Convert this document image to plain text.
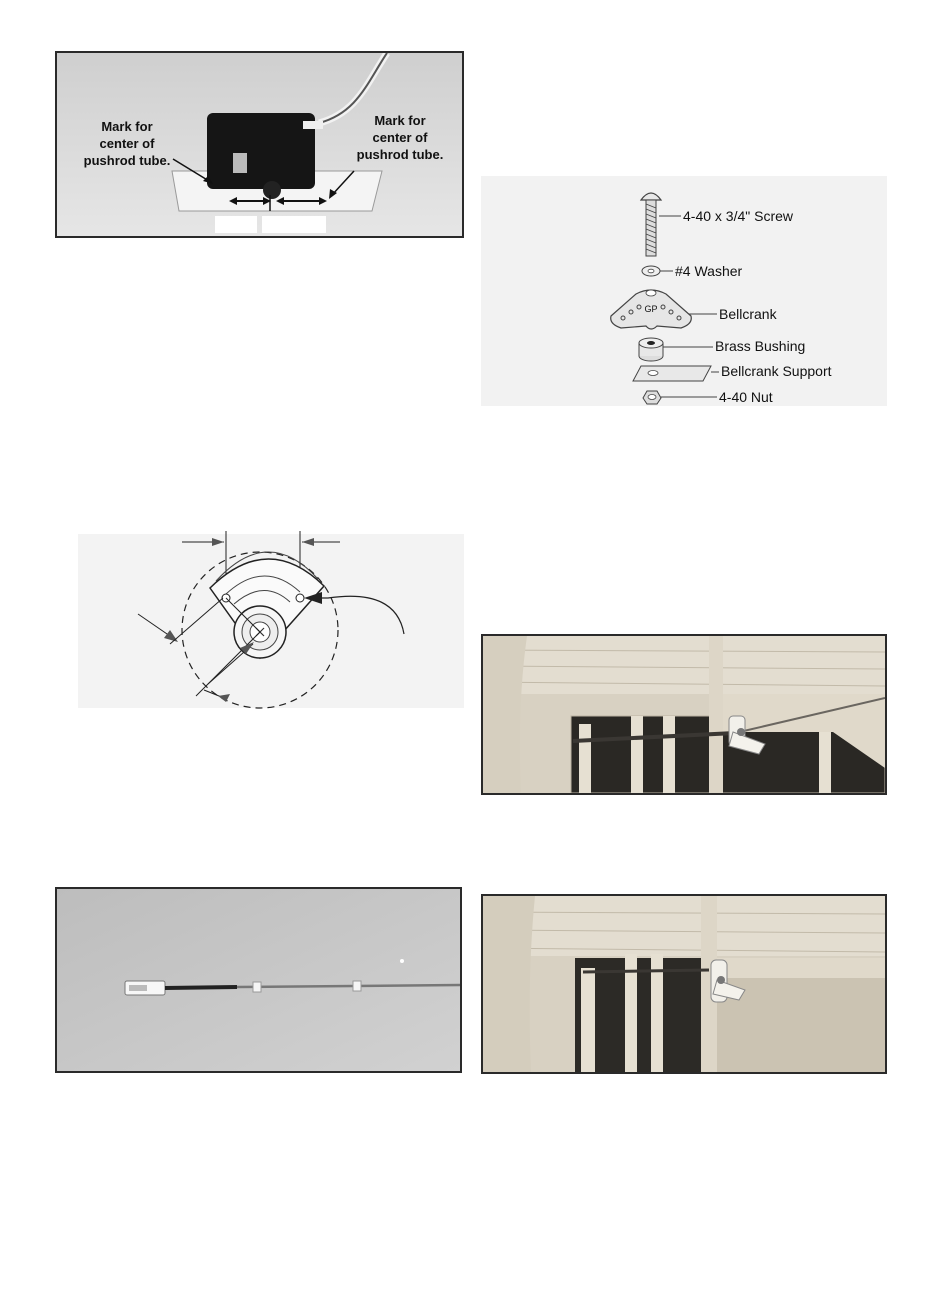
Mark for
center of
pushrod tube.
Mark for
center of
pushrod tube.
4-40 x 3/4" Screw
#4 Washer
GP	Bellcrank
Brass Bushing
Bellcrank Support
4-40 Nut
